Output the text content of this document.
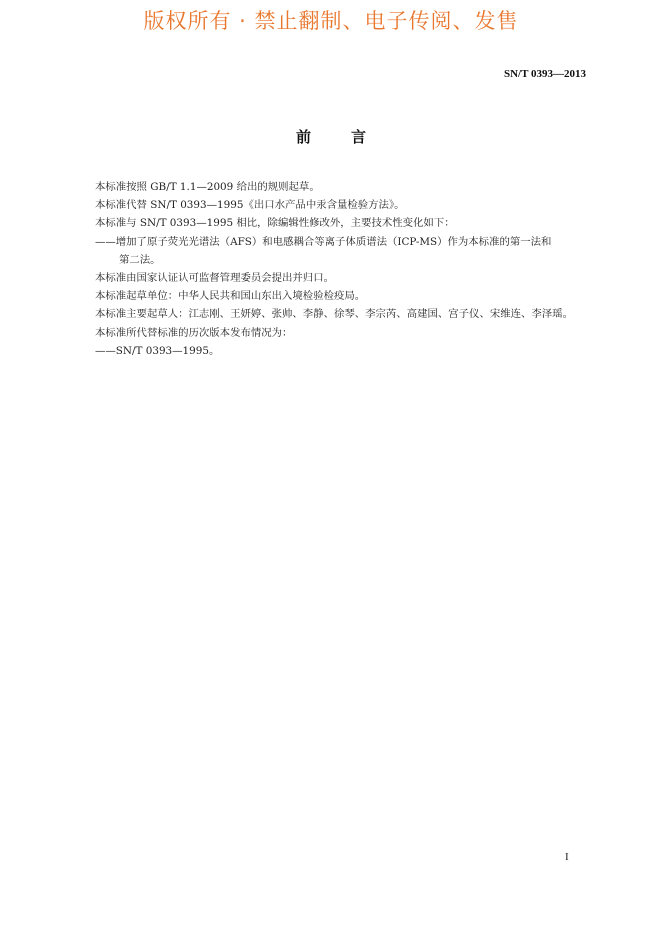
版权所有 · 禁止翻制、电子传阅、发售
SN/T 0393—2013
前言

本标准按照 GB/T 1.1—2009 给出的规则起草。

本标准代替 SN/T 0393—1995《出口水产品中汞含量检验方法》。

本标准与 SN/T 0393—1995 相比，除编辑性修改外，主要技术性变化如下：

——增加了原子荧光光谱法（AFS）和电感耦合等离子体质谱法（ICP-MS）作为本标准的第一法和

第二法。

本标准由国家认证认可监督管理委员会提出并归口。

本标准起草单位：中华人民共和国山东出入境检验检疫局。

本标准主要起草人：江志刚、王妍婷、张帅、李静、徐琴、李宗芮、高建国、宫子仪、宋维连、李泽瑶。

本标准所代替标准的历次版本发布情况为：

——SN/T 0393—1995。

I
